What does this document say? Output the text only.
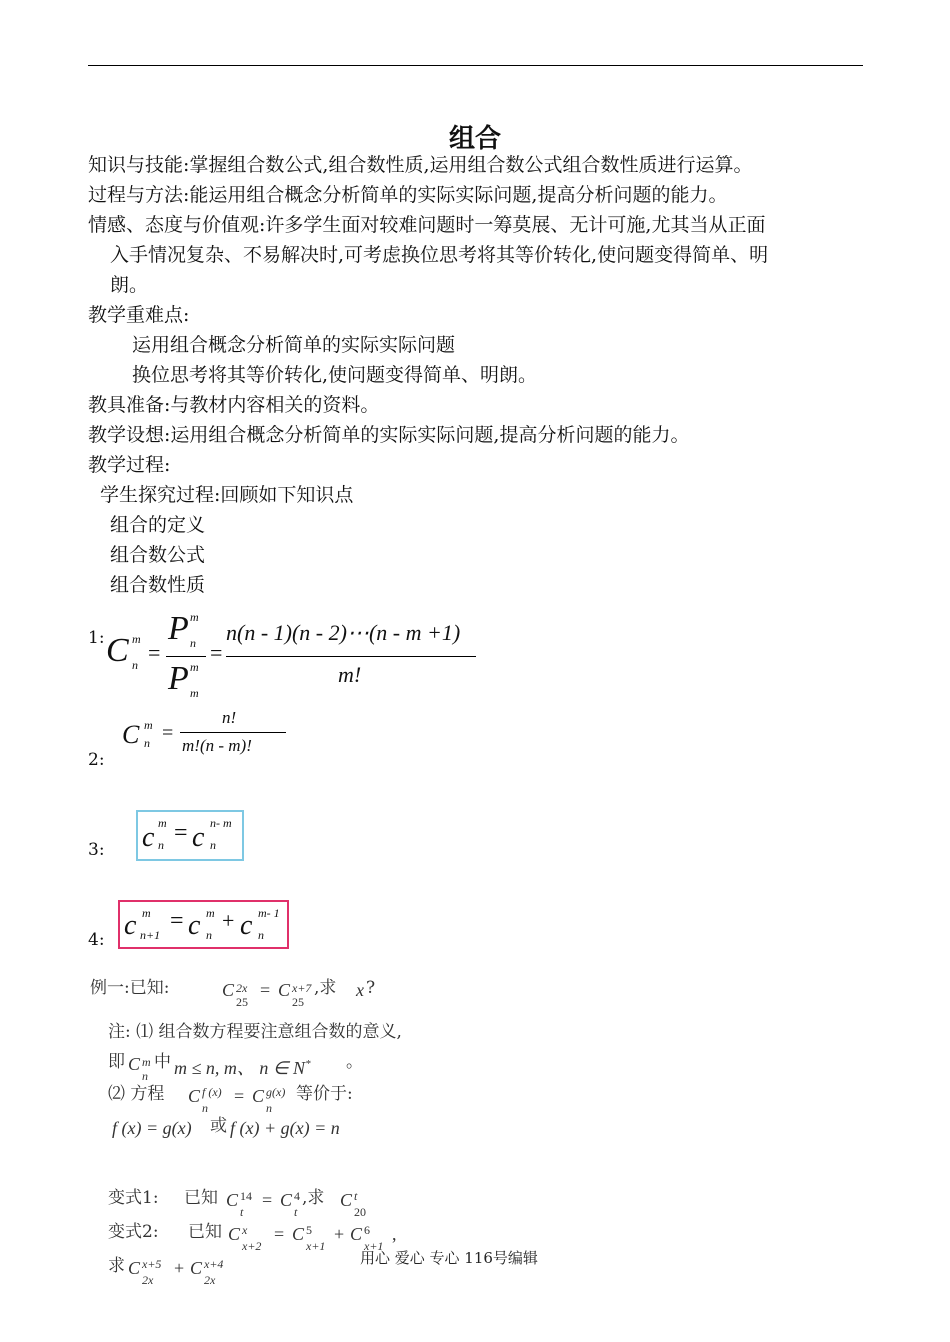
组合
知识与技能:掌握组合数公式,组合数性质,运用组合数公式组合数性质进行运算。
过程与方法:能运用组合概念分析简单的实际实际问题,提高分析问题的能力。
情感、态度与价值观:许多学生面对较难问题时一筹莫展、无计可施,尤其当从正面
入手情况复杂、不易解决时,可考虑换位思考将其等价转化,使问题变得简单、明
朗。
教学重难点:
运用组合概念分析简单的实际实际问题
换位思考将其等价转化,使问题变得简单、明朗。
教具准备:与教材内容相关的资料。
教学设想:运用组合概念分析简单的实际实际问题,提高分析问题的能力。
教学过程:
学生探究过程:回顾如下知识点
组合的定义
组合数公式
组合数性质
1: C m
n =
P m
n
P m
m
=
n(n - 1)(n - 2)⋯(n - m +1)
m!
2:
C m
n =
n!
m!(n - m)!
3: c m
n = c n- m
n
4: c m
n+1
= c m
n
+ c m- 1
n
例一:已知:	C 2x
25
= C x+7
25
,求 x ?
注: ⑴ 组合数方程要注意组合数的意义,
即 C m
n
中 m ≤ n, m、 n ∈ N* 。
⑵ 方程 C f (x)
n
= C g(x)
n
等价于:
f (x) = g(x) 或 f (x) + g(x) = n
变式1: 已知 C 14
t
= C 4
t
,求 C t
20
变式2: 已知 C x
x+2
= C 5
x+1
+ C 6
x+1
,
求 C x+5
2x
+ C x+4
2x
用心 爱心 专心 116号编辑
